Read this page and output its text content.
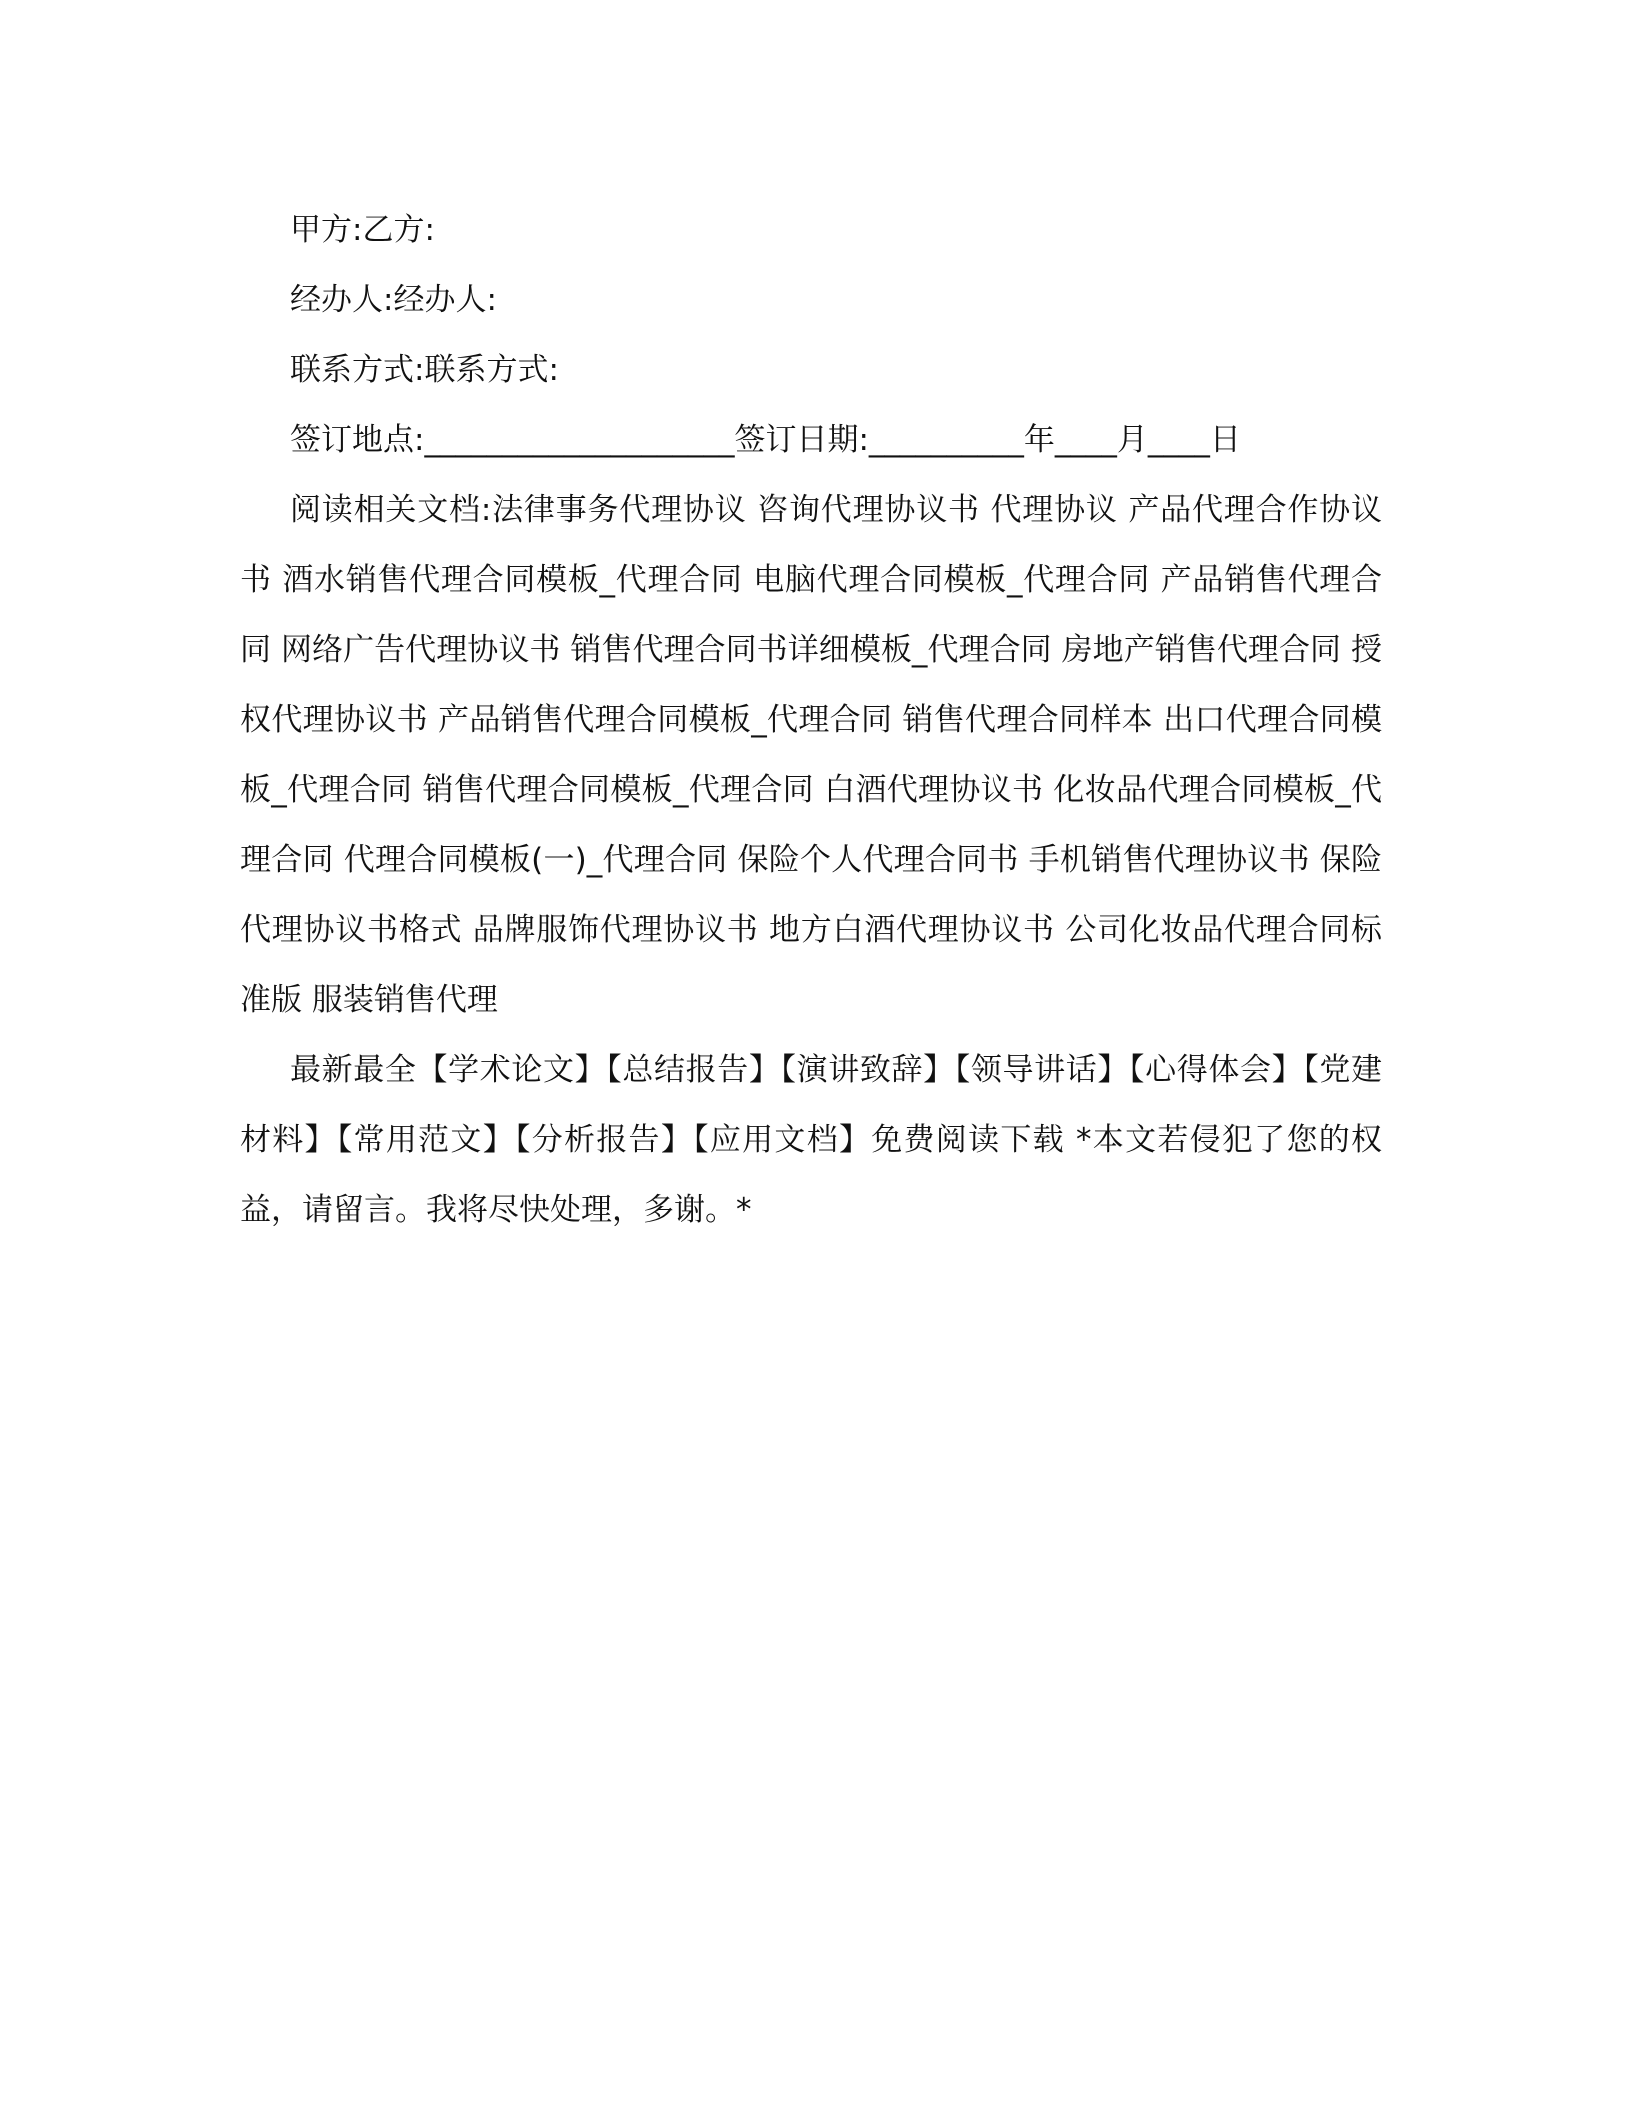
甲方:乙方:

经办人:经办人:

联系方式:联系方式:

签订地点:____________________签订日期:__________年____月____日

阅读相关文档:法律事务代理协议 咨询代理协议书 代理协议 产品代理合作协议书 酒水销售代理合同模板_代理合同 电脑代理合同模板_代理合同 产品销售代理合同 网络广告代理协议书 销售代理合同书详细模板_代理合同 房地产销售代理合同 授权代理协议书 产品销售代理合同模板_代理合同 销售代理合同样本 出口代理合同模板_代理合同 销售代理合同模板_代理合同 白酒代理协议书 化妆品代理合同模板_代理合同 代理合同模板(一)_代理合同 保险个人代理合同书 手机销售代理协议书 保险代理协议书格式 品牌服饰代理协议书 地方白酒代理协议书 公司化妆品代理合同标准版 服装销售代理

最新最全【学术论文】【总结报告】【演讲致辞】【领导讲话】【心得体会】【党建材料】【常用范文】【分析报告】【应用文档】免费阅读下载 *本文若侵犯了您的权益，请留言。我将尽快处理，多谢。*
